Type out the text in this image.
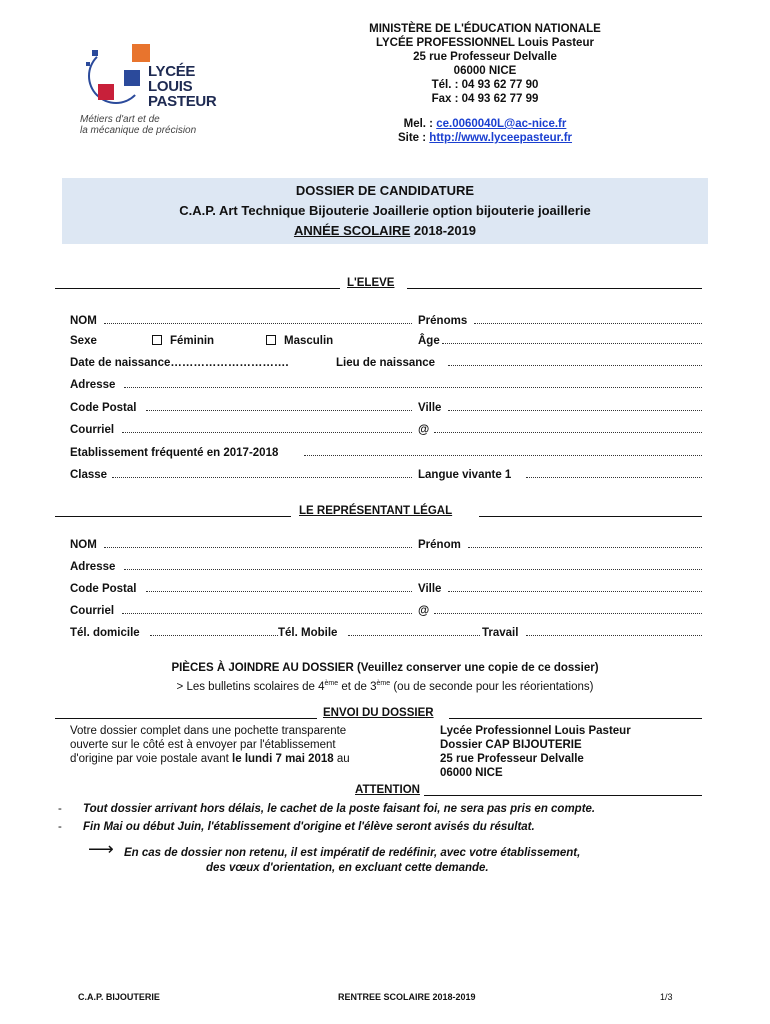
LYCÉE
LOUIS
PASTEUR
Métiers d'art et de
la mécanique de précision
MINISTÈRE DE L'ÉDUCATION NATIONALE
LYCÉE PROFESSIONNEL Louis Pasteur
25 rue Professeur Delvalle
06000 NICE
Tél. : 04 93 62 77 90
Fax : 04 93 62 77 99
Mel. : ce.0060040L@ac-nice.fr
Site : http://www.lyceepasteur.fr
DOSSIER DE CANDIDATURE
C.A.P. Art Technique Bijouterie Joaillerie option bijouterie joaillerie
ANNÉE SCOLAIRE 2018-2019
L'ELEVE
NOM	Prénoms
Sexe	Féminin	Masculin	Âge
Date de naissance………………………….	Lieu de naissance
Adresse
Code Postal	Ville
Courriel	@
Etablissement fréquenté en 2017-2018
Classe	Langue vivante 1
LE REPRÉSENTANT LÉGAL
NOM	Prénom
Adresse
Code Postal	Ville
Courriel	@
Tél. domicile	Tél. Mobile	Travail
PIÈCES À JOINDRE AU DOSSIER (Veuillez conserver une copie de ce dossier)
> Les bulletins scolaires de 4ème et de 3ème (ou de seconde pour les réorientations)
ENVOI DU DOSSIER
Votre dossier complet dans une pochette transparente
ouverte sur le côté est à envoyer par l'établissement
d'origine par voie postale avant le lundi 7 mai 2018 au
Lycée Professionnel Louis Pasteur
Dossier CAP BIJOUTERIE
25 rue Professeur Delvalle
06000 NICE
ATTENTION
- Tout dossier arrivant hors délais, le cachet de la poste faisant foi, ne sera pas pris en compte.
- Fin Mai ou début Juin, l'établissement d'origine et l'élève seront avisés du résultat.
⟶ En cas de dossier non retenu, il est impératif de redéfinir, avec votre établissement,
des vœux d'orientation, en excluant cette demande.
C.A.P. BIJOUTERIE	RENTREE SCOLAIRE 2018-2019	1/3
